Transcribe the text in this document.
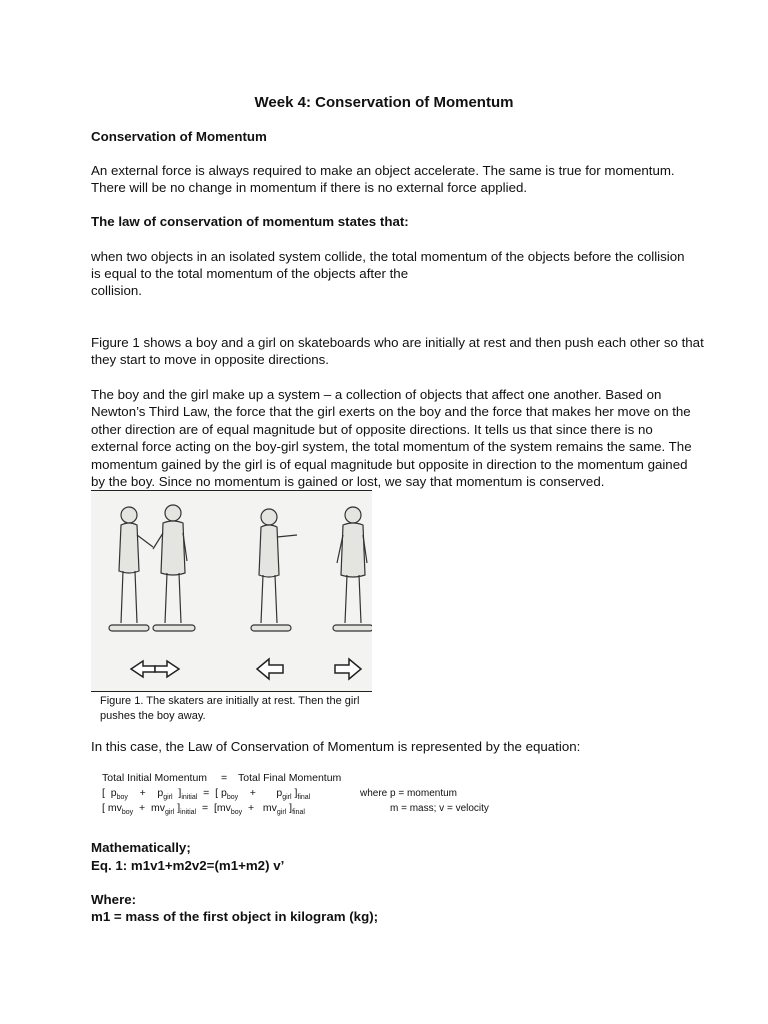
Week 4: Conservation of Momentum

Conservation of Momentum

An external force is always required to make an object accelerate. The same is true for momentum.

There will be no change in momentum if there is no external force applied.

The law of conservation of momentum states that:

when two objects in an isolated system collide, the total momentum of the objects before the collision

is equal to the total momentum of the objects after the

collision.

Figure 1 shows a boy and a girl on skateboards who are initially at rest and then push each other so that

they start to move in opposite directions.

The boy and the girl make up a system – a collection of objects that affect one another. Based on

Newton’s Third Law, the force that the girl exerts on the boy and the force that makes her move on the

other direction are of equal magnitude but of opposite directions. It tells us that since there is no

external force acting on the boy-girl system, the total momentum of the system remains the same. The

momentum gained by the girl is of equal magnitude but opposite in direction to the momentum gained

by the boy. Since no momentum is gained or lost, we say that momentum is conserved.

Figure 1. The skaters are initially at rest. Then the girl

pushes the boy away.

In this case, the Law of Conservation of Momentum is represented by the equation:

Total Initial Momentum = Total Final Momentum
[ $p_{boy} + p_{girl}$ ]$_{initial}$ = [ $p_{boy} + p_{girl}$ ]$_{final}$
[ $mv_{boy} + mv_{girl}$ ]$_{initial} = [mv_{boy} + mv_{girl}$ ]$_{final}$
where p = momentum
m = mass; v = velocity

Mathematically;

Eq. 1: m1v1+m2v2=(m1+m2) v’

Where:

m1 = mass of the first object in kilogram (kg);
